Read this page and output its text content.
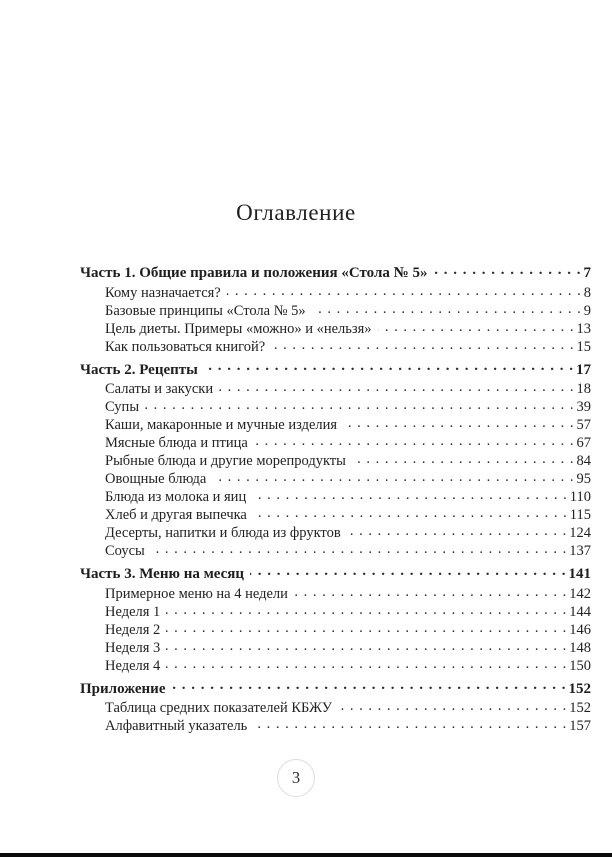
Оглавление
Часть 1. Общие правила и положения «Стола № 5» . . .	7
Кому назначается? . . .	8
Базовые принципы «Стола № 5» . . .	9
Цель диеты. Примеры «можно» и «нельзя» . . .	13
Как пользоваться книгой? . . .	15
Часть 2. Рецепты . . .	17
Салаты и закуски . . .	18
Супы . . .	39
Каши, макаронные и мучные изделия . . .	57
Мясные блюда и птица . . .	67
Рыбные блюда и другие морепродукты . . .	84
Овощные блюда . . .	95
Блюда из молока и яиц . . .	110
Хлеб и другая выпечка . . .	115
Десерты, напитки и блюда из фруктов . . .	124
Соусы . . .	137
Часть 3. Меню на месяц . . .	141
Примерное меню на 4 недели . . .	142
Неделя 1 . . .	144
Неделя 2 . . .	146
Неделя 3 . . .	148
Неделя 4 . . .	150
Приложение . . .	152
Таблица средних показателей КБЖУ . . .	152
Алфавитный указатель . . .	157
3
